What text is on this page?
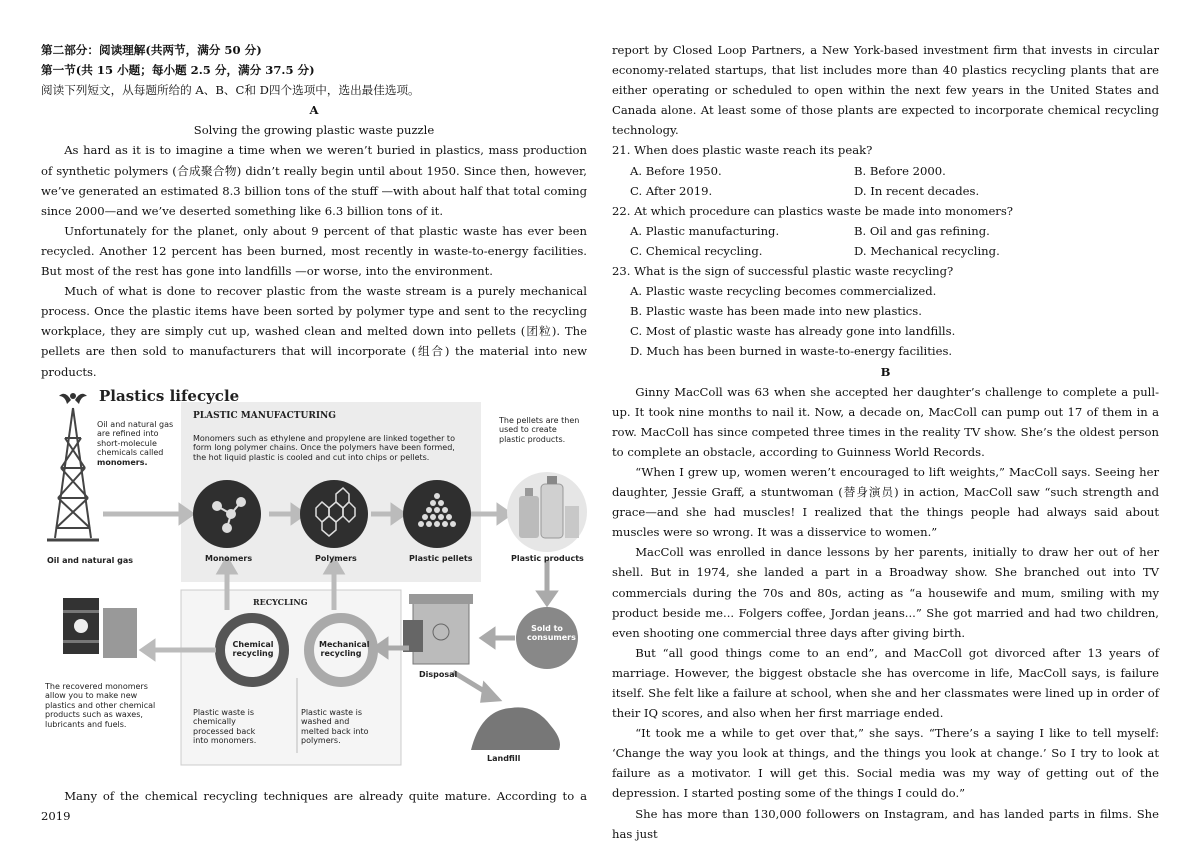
第二部分：阅读理解(共两节，满分 50 分)

第一节(共 15 小题；每小题 2.5 分，满分 37.5 分)

阅读下列短文，从每题所给的 A、B、C和 D四个选项中，选出最佳选项。

A

Solving the growing plastic waste puzzle

As hard as it is to imagine a time when we weren’t buried in plastics, mass production of synthetic polymers (合成聚合物) didn’t really begin until about 1950. Since then, however, we’ve generated an estimated 8.3 billion tons of the stuff —with about half that total coming since 2000—and we’ve deserted something like 6.3 billion tons of it.

Unfortunately for the planet, only about 9 percent of that plastic waste has ever been recycled. Another 12 percent has been burned, most recently in waste-to-energy facilities. But most of the rest has gone into landfills —or worse, into the environment.

Much of what is done to recover plastic from the waste stream is a purely mechanical process. Once the plastic items have been sorted by polymer type and sent to the recycling workplace, they are simply cut up, washed clean and melted down into pellets (团粒). The pellets are then sold to manufacturers that will incorporate (组合) the material into new products.

Plastics lifecycle
Oil and natural gas are refined into short-molecule chemicals called monomers.
Oil and natural gas
PLASTIC MANUFACTURING
Monomers such as ethylene and propylene are linked together to form long polymer chains. Once the polymers have been formed, the hot liquid plastic is cooled and cut into chips or pellets.
Monomers	Polymers	Plastic pellets
The pellets are then used to create plastic products.
Plastic products
Sold to consumers
Disposal
Landfill
RECYCLING
Chemical recycling
Mechanical recycling
Plastic waste is chemically processed back into monomers.
Plastic waste is washed and melted back into polymers.
The recovered monomers allow you to make new plastics and other chemical products such as waxes, lubricants and fuels.

Many of the chemical recycling techniques are already quite mature. According to a 2019

report by Closed Loop Partners, a New York-based investment firm that invests in circular economy-related startups, that list includes more than 40 plastics recycling plants that are either operating or scheduled to open within the next few years in the United States and Canada alone. At least some of those plants are expected to incorporate chemical recycling technology.

21. When does plastic waste reach its peak?

A. Before 1950.	B. Before 2000.
C. After 2019.	D. In recent decades.

22. At which procedure can plastics waste be made into monomers?

A. Plastic manufacturing.	B. Oil and gas refining.
C. Chemical recycling.	D. Mechanical recycling.

23. What is the sign of successful plastic waste recycling?

A. Plastic waste recycling becomes commercialized.

B. Plastic waste has been made into new plastics.

C. Most of plastic waste has already gone into landfills.

D. Much has been burned in waste-to-energy facilities.

B

Ginny MacColl was 63 when she accepted her daughter’s challenge to complete a pull-up. It took nine months to nail it. Now, a decade on, MacColl can pump out 17 of them in a row. MacColl has since competed three times in the reality TV show. She’s the oldest person to complete an obstacle, according to Guinness World Records.

“When I grew up, women weren’t encouraged to lift weights,” MacColl says. Seeing her daughter, Jessie Graff, a stuntwoman (替身演员) in action, MacColl saw “such strength and grace—and she had muscles! I realized that the things people had always said about muscles were so wrong. It was a disservice to women.”

MacColl was enrolled in dance lessons by her parents, initially to draw her out of her shell. But in 1974, she landed a part in a Broadway show. She branched out into TV commercials during the 70s and 80s, acting as “a housewife and mum, smiling with my product beside me... Folgers coffee, Jordan jeans...” She got married and had two children, even shooting one commercial three days after giving birth.

But “all good things come to an end”, and MacColl got divorced after 13 years of marriage. However, the biggest obstacle she has overcome in life, MacColl says, is failure itself. She felt like a failure at school, when she and her classmates were lined up in order of their IQ scores, and also when her first marriage ended.

“It took me a while to get over that,” she says. “There’s a saying I like to tell myself: ‘Change the way you look at things, and the things you look at change.’ So I try to look at failure as a motivator. I will get this. Social media was my way of getting out of the depression. I started posting some of the things I could do.”

She has more than 130,000 followers on Instagram, and has landed parts in films. She has just
